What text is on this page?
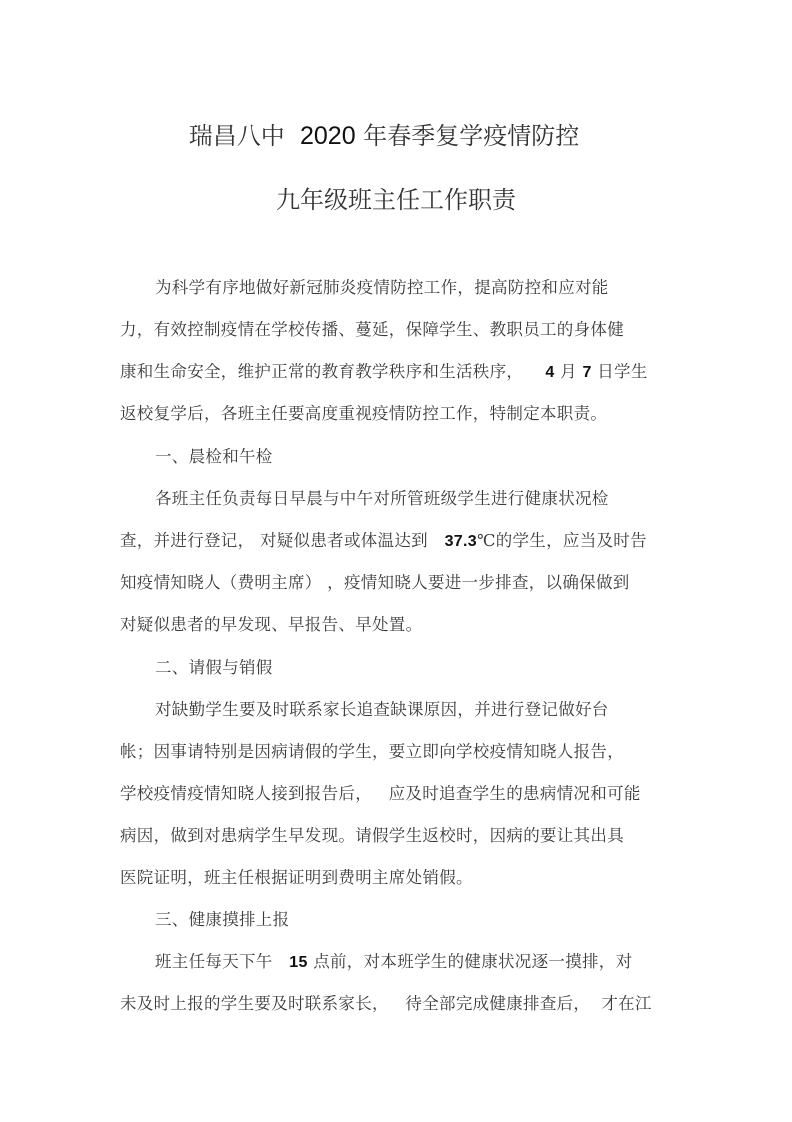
瑞昌八中  2020 年春季复学疫情防控
九年级班主任工作职责
为科学有序地做好新冠肺炎疫情防控工作，提高防控和应对能
力，有效控制疫情在学校传播、蔓延，保障学生、教职员工的身体健
康和生命安全，维护正常的教育教学秩序和生活秩序，    4 月 7 日学生
返校复学后，各班主任要高度重视疫情防控工作，特制定本职责。
一、晨检和午检
各班主任负责每日早晨与中午对所管班级学生进行健康状况检
查，并进行登记， 对疑似患者或体温达到   37.3℃的学生，应当及时告
知疫情知晓人（费明主席） ，疫情知晓人要进一步排查，以确保做到
对疑似患者的早发现、早报告、早处置。
二、请假与销假
对缺勤学生要及时联系家长追查缺课原因，并进行登记做好台
帐；因事请特别是因病请假的学生，要立即向学校疫情知晓人报告，
学校疫情疫情知晓人接到报告后，   应及时追查学生的患病情况和可能
病因，做到对患病学生早发现。请假学生返校时，因病的要让其出具
医院证明，班主任根据证明到费明主席处销假。
三、健康摸排上报
班主任每天下午   15 点前，对本班学生的健康状况逐一摸排，对
未及时上报的学生要及时联系家长，   待全部完成健康排查后，  才在江
